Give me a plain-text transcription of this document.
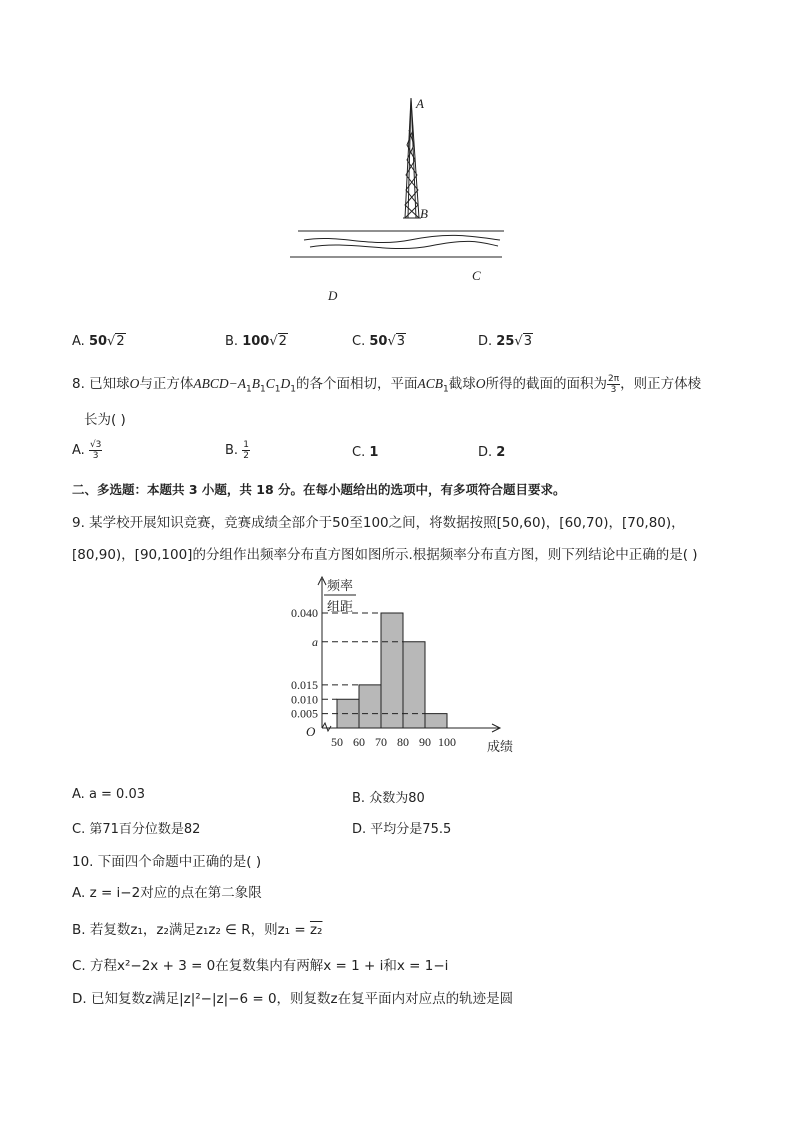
A
B
C
D
A. 50√2	B. 100√2	C. 50√3	D. 25√3
8. 已知球O与正方体$ABCD-A_1B_1C_1D_1$的各个面相切，平面$ACB_1$截球O所得的截面的面积为 $\frac{2\pi}{3}$ ，则正方体棱
长为( )
A. $\frac{√3}{3}$	B. $\frac{1}{2}$	C. 1	D. 2
二、多选题：本题共 3 小题，共 18 分。在每小题给出的选项中，有多项符合题目要求。
9. 某学校开展知识竞赛，竞赛成绩全部介于50至100之间，将数据按照[50,60)，[60,70)，[70,80)，
[80,90)，[90,100]的分组作出频率分布直方图如图所示.根据频率分布直方图，则下列结论中正确的是( )
频率
组距
成绩
O
0.040
a
0.015
0.010
0.005
50 60 70 80 90 100
A. a = 0.03	B. 众数为80
C. 第71百分位数是82	D. 平均分是75.5
10. 下面四个命题中正确的是( )
A. z = i−2对应的点在第二象限
B. 若复数z₁，z₂满足z₁z₂ ∈ R，则z₁ = z₂
C. 方程x²−2x + 3 = 0在复数集内有两解x = 1 + i和x = 1−i
D. 已知复数z满足|z|²−|z|−6 = 0，则复数z在复平面内对应点的轨迹是圆
